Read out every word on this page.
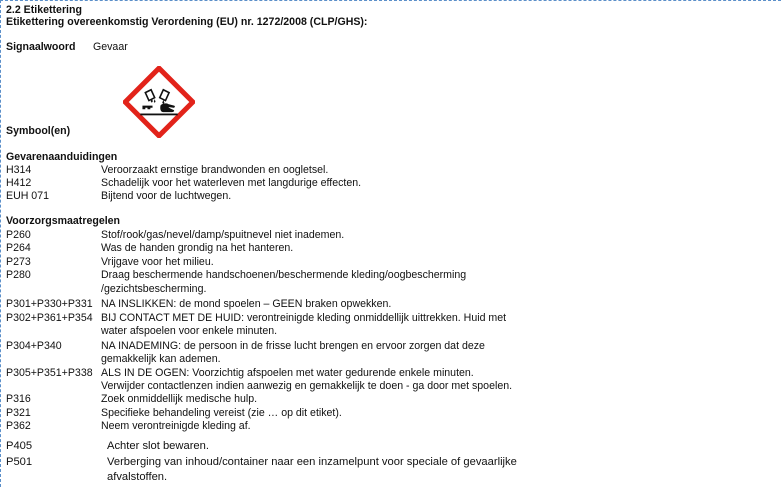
2.2 Etikettering
Etikettering overeenkomstig Verordening (EU) nr. 1272/2008 (CLP/GHS):
Signaalwoord Gevaar
Symbool(en)
Gevarenaanduidingen
H314	Veroorzaakt ernstige brandwonden en oogletsel.
H412	Schadelijk voor het waterleven met langdurige effecten.
EUH 071	Bijtend voor de luchtwegen.
Voorzorgsmaatregelen
P260	Stof/rook/gas/nevel/damp/spuitnevel niet inademen.
P264	Was de handen grondig na het hanteren.
P273	Vrijgave voor het milieu.
P280	Draag beschermende handschoenen/beschermende kleding/oogbescherming
/gezichtsbescherming.
P301+P330+P331 NA INSLIKKEN: de mond spoelen – GEEN braken opwekken.
P302+P361+P354 BIJ CONTACT MET DE HUID: verontreinigde kleding onmiddellijk uittrekken. Huid met
water afspoelen voor enkele minuten.
P304+P340	NA INADEMING: de persoon in de frisse lucht brengen en ervoor zorgen dat deze
gemakkelijk kan ademen.
P305+P351+P338 ALS IN DE OGEN: Voorzichtig afspoelen met water gedurende enkele minuten.
Verwijder contactlenzen indien aanwezig en gemakkelijk te doen - ga door met spoelen.
P316	Zoek onmiddellijk medische hulp.
P321	Specifieke behandeling vereist (zie … op dit etiket).
P362	Neem verontreinigde kleding af.
P405	Achter slot bewaren.
P501	Verberging van inhoud/container naar een inzamelpunt voor speciale of gevaarlijke
afvalstoffen.
